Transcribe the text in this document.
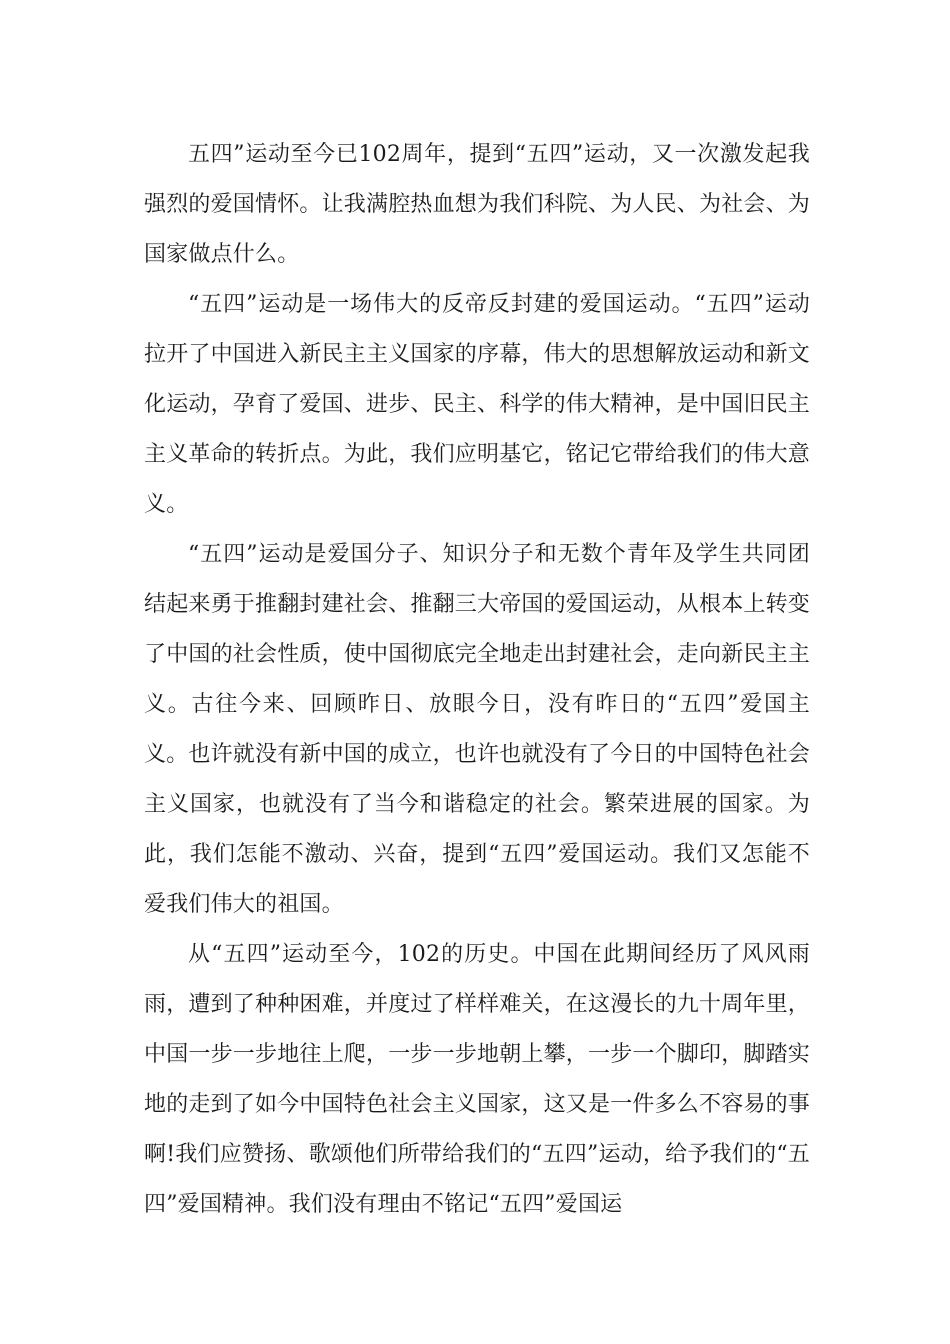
五四”运动至今已102周年，提到“五四”运动，又一次激发起我强烈的爱国情怀。让我满腔热血想为我们科院、为人民、为社会、为国家做点什么。

“五四”运动是一场伟大的反帝反封建的爱国运动。“五四”运动拉开了中国进入新民主主义国家的序幕，伟大的思想解放运动和新文化运动，孕育了爱国、进步、民主、科学的伟大精神，是中国旧民主主义革命的转折点。为此，我们应明基它，铭记它带给我们的伟大意义。

“五四”运动是爱国分子、知识分子和无数个青年及学生共同团结起来勇于推翻封建社会、推翻三大帝国的爱国运动，从根本上转变了中国的社会性质，使中国彻底完全地走出封建社会，走向新民主主义。古往今来、回顾昨日、放眼今日，没有昨日的“五四”爱国主义。也许就没有新中国的成立，也许也就没有了今日的中国特色社会主义国家，也就没有了当今和谐稳定的社会。繁荣进展的国家。为此，我们怎能不激动、兴奋，提到“五四”爱国运动。我们又怎能不爱我们伟大的祖国。

从“五四”运动至今，102的历史。中国在此期间经历了风风雨雨，遭到了种种困难，并度过了样样难关，在这漫长的九十周年里，中国一步一步地往上爬，一步一步地朝上攀，一步一个脚印，脚踏实地的走到了如今中国特色社会主义国家，这又是一件多么不容易的事啊!我们应赞扬、歌颂他们所带给我们的“五四”运动，给予我们的“五四”爱国精神。我们没有理由不铭记“五四”爱国运
